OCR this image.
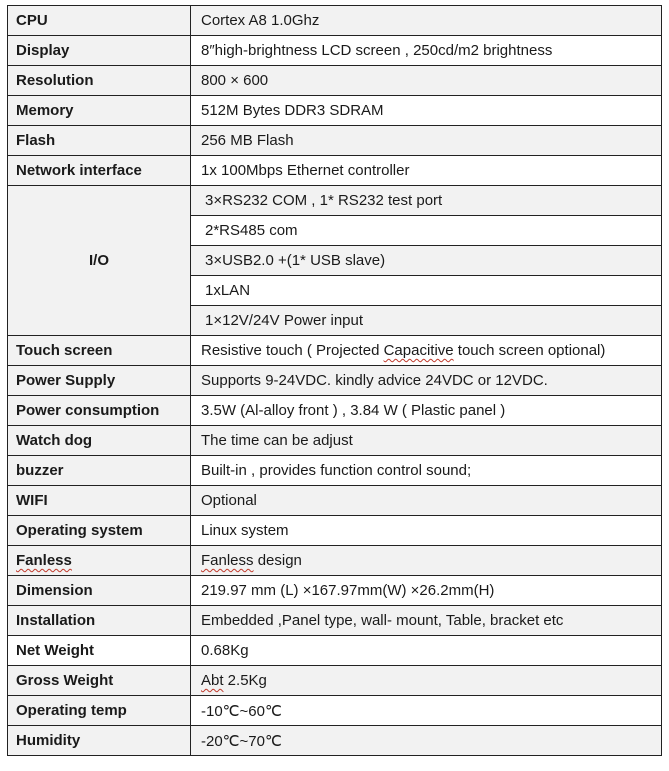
CPU	Cortex A8 1.0Ghz
Display	8″high-brightness LCD screen , 250cd/m2 brightness
Resolution	800 × 600
Memory	512M Bytes DDR3 SDRAM
Flash	256 MB Flash
Network interface	1x 100Mbps Ethernet controller
I/O	3×RS232 COM , 1* RS232 test port
	2*RS485 com
	3×USB2.0 +(1* USB slave)
	1xLAN
	1×12V/24V Power input
Touch screen	Resistive touch ( Projected Capacitive touch screen optional)
Power Supply	Supports 9-24VDC. kindly advice 24VDC or 12VDC.
Power consumption	3.5W (Al-alloy front ) , 3.84 W ( Plastic panel )
Watch dog	The time can be adjust
buzzer	Built-in , provides function control sound;
WIFI	Optional
Operating system	Linux system
Fanless	Fanless design
Dimension	219.97 mm (L) ×167.97mm(W) ×26.2mm(H)
Installation	Embedded ,Panel type, wall- mount, Table, bracket etc
Net Weight	0.68Kg
Gross Weight	Abt 2.5Kg
Operating temp	-10℃~60℃
Humidity	-20℃~70℃
